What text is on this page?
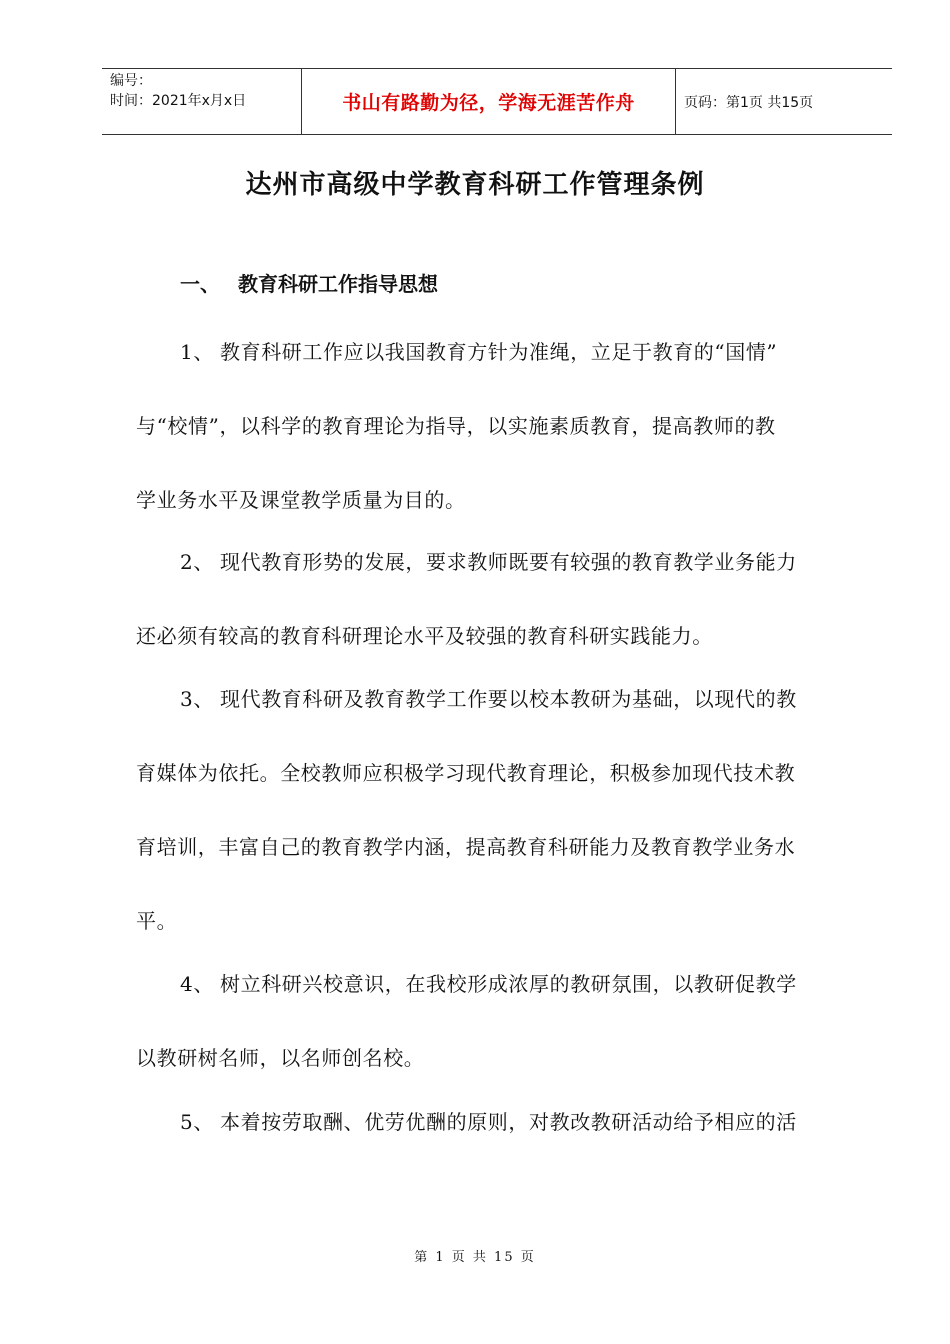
编号：
时间：2021年x月x日	书山有路勤为径，学海无涯苦作舟	页码：第1页 共15页
达州市高级中学教育科研工作管理条例
一、 教育科研工作指导思想
1、 教育科研工作应以我国教育方针为准绳，立足于教育的“国情”
与“校情”，以科学的教育理论为指导，以实施素质教育，提高教师的教
学业务水平及课堂教学质量为目的。
2、 现代教育形势的发展，要求教师既要有较强的教育教学业务能力
还必须有较高的教育科研理论水平及较强的教育科研实践能力。
3、 现代教育科研及教育教学工作要以校本教研为基础，以现代的教
育媒体为依托。全校教师应积极学习现代教育理论，积极参加现代技术教
育培训，丰富自己的教育教学内涵，提高教育科研能力及教育教学业务水
平。
4、 树立科研兴校意识，在我校形成浓厚的教研氛围，以教研促教学
以教研树名师，以名师创名校。
5、 本着按劳取酬、优劳优酬的原则，对教改教研活动给予相应的活
第 1 页 共 15 页
